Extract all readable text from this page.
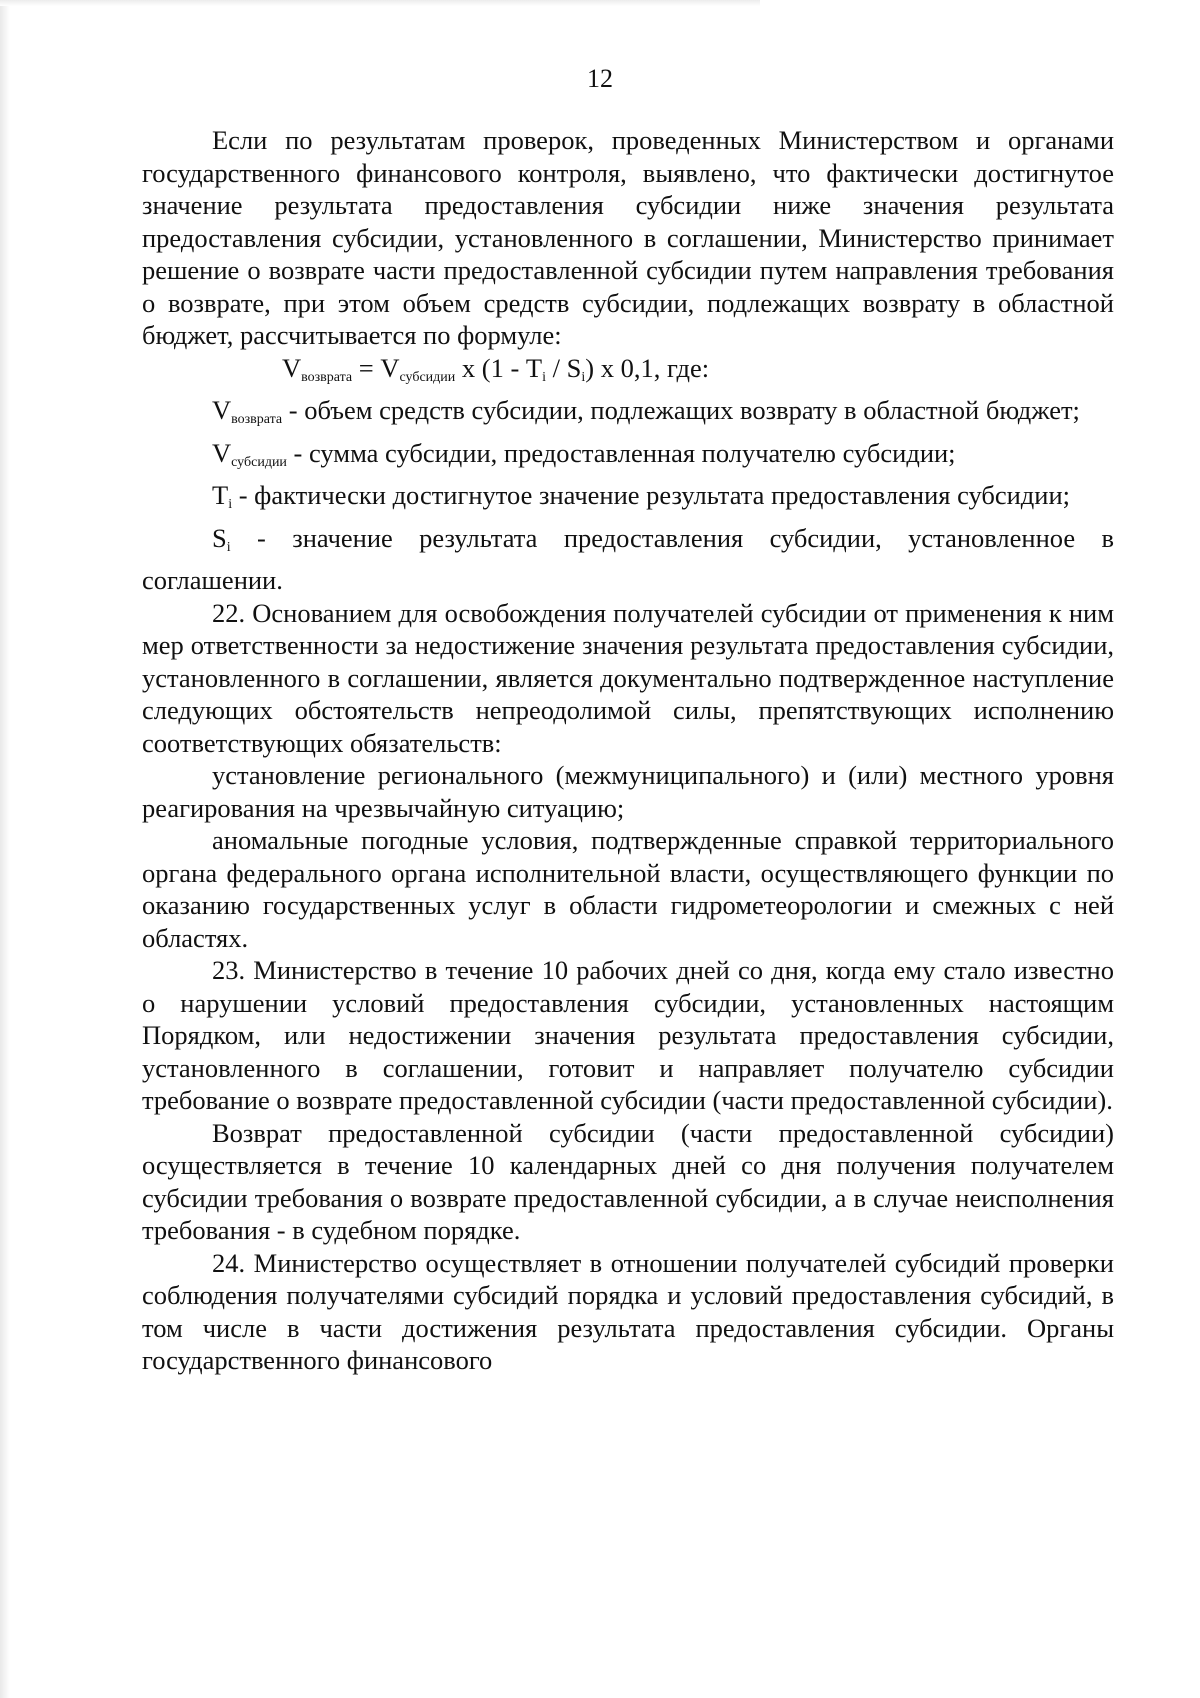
12

Если по результатам проверок, проведенных Министерством и органами государственного финансового контроля, выявлено, что фактически достигнутое значение результата предоставления субсидии ниже значения результата предоставления субсидии, установленного в соглашении, Министерство принимает решение о возврате части предоставленной субсидии путем направления требования о возврате, при этом объем средств субсидии, подлежащих возврату в областной бюджет, рассчитывается по формуле:

$V_{возврата} = V_{субсидии}$ х $(1 - T_i / S_i)$ х 0,1, где:

$V_{возврата}$ - объем средств субсидии, подлежащих возврату в областной бюджет;

$V_{субсидии}$ - сумма субсидии, предоставленная получателю субсидии;

$T_i$ - фактически достигнутое значение результата предоставления субсидии;

$S_i$ - значение результата предоставления субсидии, установленное в соглашении.

22. Основанием для освобождения получателей субсидии от применения к ним мер ответственности за недостижение значения результата предоставления субсидии, установленного в соглашении, является документально подтвержденное наступление следующих обстоятельств непреодолимой силы, препятствующих исполнению соответствующих обязательств:

установление регионального (межмуниципального) и (или) местного уровня реагирования на чрезвычайную ситуацию;

аномальные погодные условия, подтвержденные справкой территориального органа федерального органа исполнительной власти, осуществляющего функции по оказанию государственных услуг в области гидрометеорологии и смежных с ней областях.

23. Министерство в течение 10 рабочих дней со дня, когда ему стало известно о нарушении условий предоставления субсидии, установленных настоящим Порядком, или недостижении значения результата предоставления субсидии, установленного в соглашении, готовит и направляет получателю субсидии требование о возврате предоставленной субсидии (части предоставленной субсидии).

Возврат предоставленной субсидии (части предоставленной субсидии) осуществляется в течение 10 календарных дней со дня получения получателем субсидии требования о возврате предоставленной субсидии, а в случае неисполнения требования - в судебном порядке.

24. Министерство осуществляет в отношении получателей субсидий проверки соблюдения получателями субсидий порядка и условий предоставления субсидий, в том числе в части достижения результата предоставления субсидии. Органы государственного финансового
